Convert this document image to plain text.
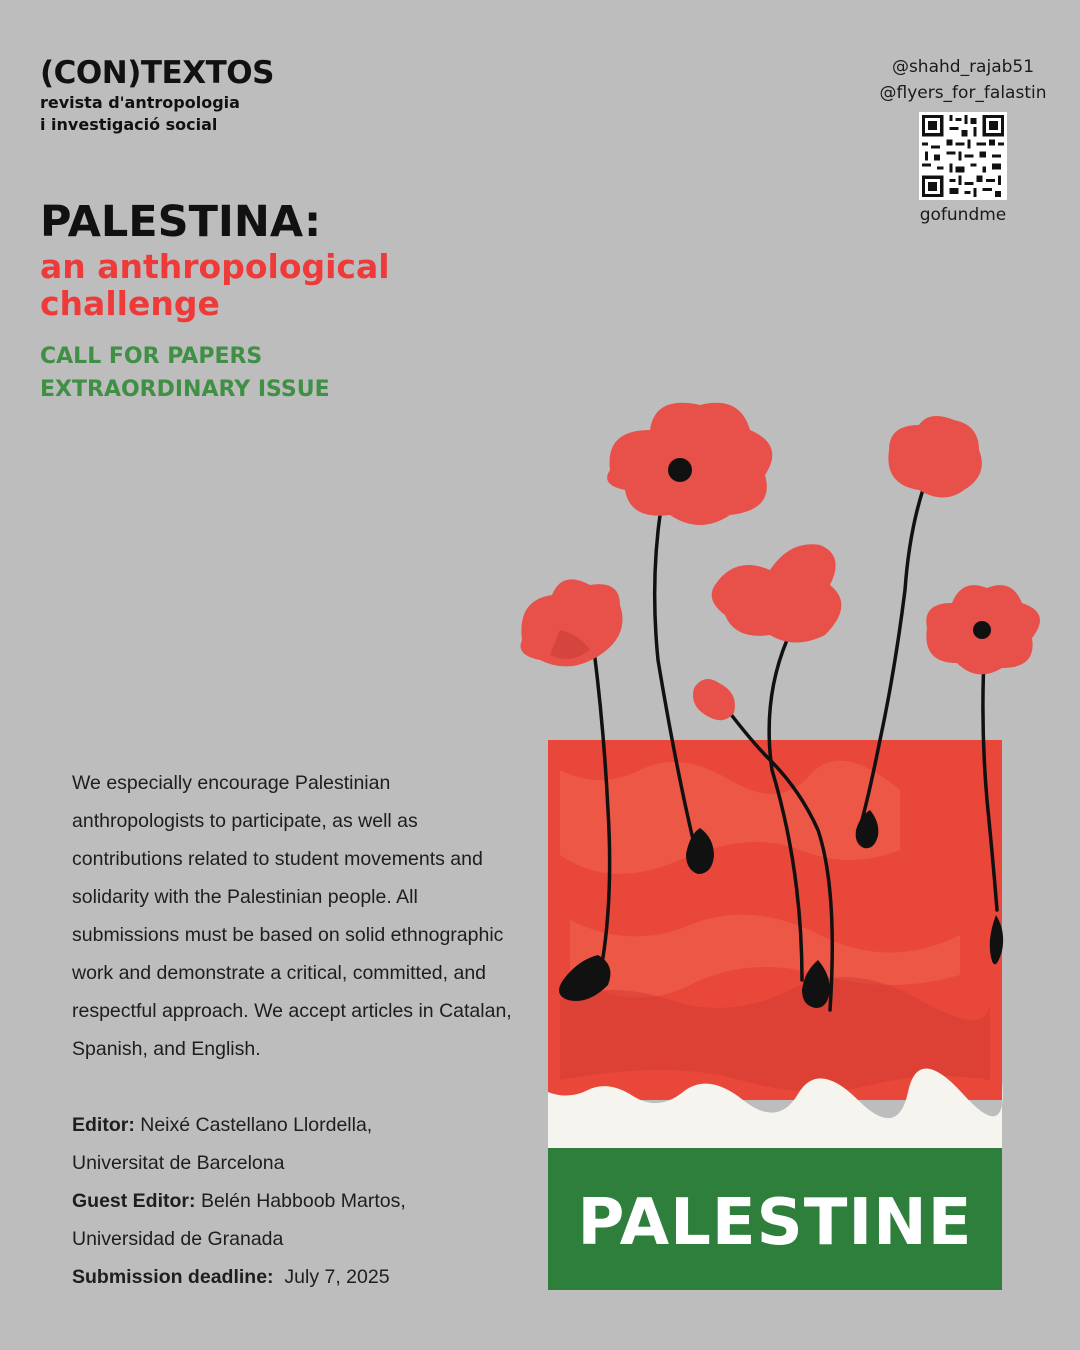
(CON)TEXTOS
revista d'antropologia
i investigació social
@shahd_rajab51
@flyers_for_falastin
gofundme
PALESTINA:
an anthropological challenge
CALL FOR PAPERS
EXTRAORDINARY ISSUE
We especially encourage Palestinian anthropologists to participate, as well as contributions related to student movements and solidarity with the Palestinian people. All submissions must be based on solid ethnographic work and demonstrate a critical, committed, and respectful approach. We accept articles in Catalan, Spanish, and English.
Editor: Neixé Castellano Llordella,
Universitat de Barcelona
Guest Editor: Belén Habboob Martos,
Universidad de Granada
Submission deadline: July 7, 2025
PALESTINE
